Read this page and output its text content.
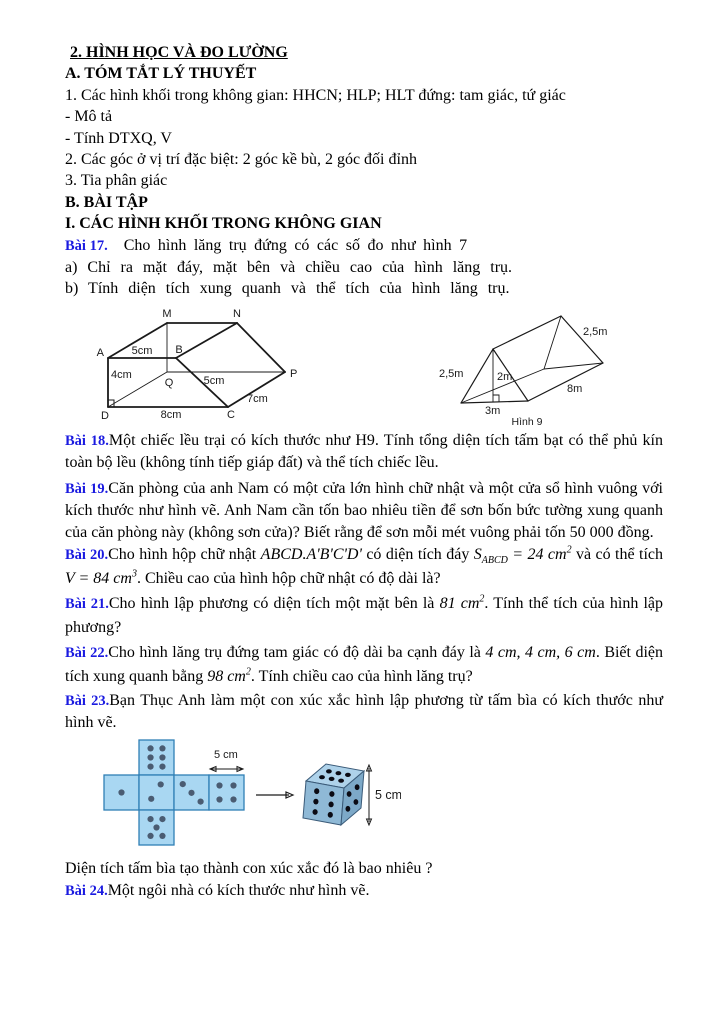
2. HÌNH HỌC VÀ ĐO LƯỜNG

A. TÓM TẮT LÝ THUYẾT

1. Các hình khối trong không gian: HHCN; HLP; HLT đứng: tam giác, tứ giác

- Mô tả

- Tính DTXQ, V

2. Các góc ở vị trí đặc biệt: 2 góc kề bù, 2 góc đối đỉnh

3. Tia phân giác

B. BÀI TẬP

I. CÁC HÌNH KHỐI TRONG KHÔNG GIAN

Bài 17. Cho hình lăng trụ đứng có các số đo như hình 7

a) Chỉ ra mặt đáy, mặt bên và chiều cao của hình lăng trụ.

b) Tính diện tích xung quanh và thể tích của hình lăng trụ.

M	N
A	B
Q
P
D	C
5cm
4cm	5cm
7cm
8cm
2,5m
2,5m	2m
8m
3m
Hình 9

Bài 18.Một chiếc lều trại có kích thước như H9. Tính tổng diện tích tấm bạt có thể phủ kín toàn bộ lều (không tính tiếp giáp đất) và thể tích chiếc lều.

Bài 19.Căn phòng của anh Nam có một cửa lớn hình chữ nhật và một cửa sổ hình vuông với kích thước như hình vẽ. Anh Nam cần tốn bao nhiêu tiền để sơn bốn bức tường xung quanh của căn phòng này (không sơn cửa)? Biết rằng để sơn mỗi mét vuông phải tốn 50 000 đồng.

Bài 20.Cho hình hộp chữ nhật ABCD.A'B'C'D' có diện tích đáy $S_{ABCD} = 24$ $cm^2$ và có thể tích V = 84 $cm^3$. Chiều cao của hình hộp chữ nhật có độ dài là?

Bài 21.Cho hình lập phương có diện tích một mặt bên là 81 $cm^2$. Tính thể tích của hình lập phương?

Bài 22.Cho hình lăng trụ đứng tam giác có độ dài ba cạnh đáy là 4 cm, 4 cm, 6 cm. Biết diện tích xung quanh bằng 98 $cm^2$. Tính chiều cao của hình lăng trụ?

Bài 23.Bạn Thục Anh làm một con xúc xắc hình lập phương từ tấm bìa có kích thước như hình vẽ.

5 cm
5 cm

Diện tích tấm bìa tạo thành con xúc xắc đó là bao nhiêu ?

Bài 24.Một ngôi nhà có kích thước như hình vẽ.
